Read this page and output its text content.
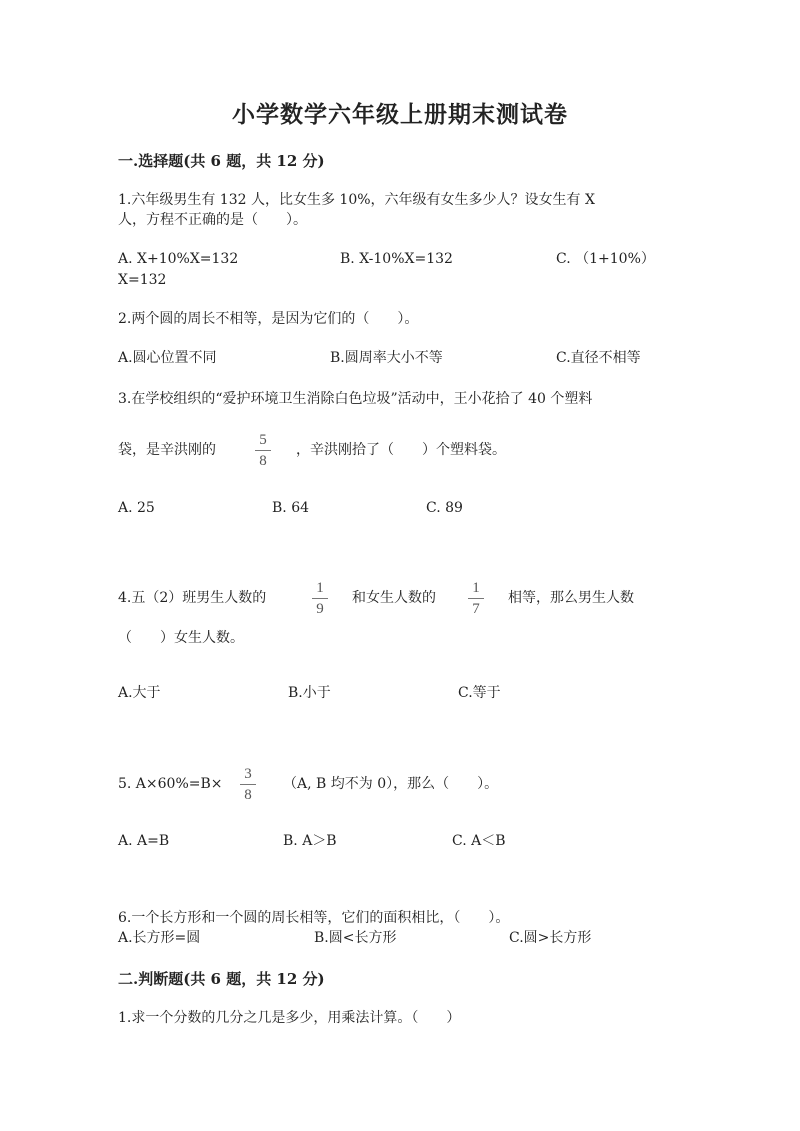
小学数学六年级上册期末测试卷
一.选择题(共 6 题，共 12 分)
1.六年级男生有 132 人，比女生多 10%，六年级有女生多少人？设女生有 X
人，方程不正确的是（　　）。
A. X+10%X=132	B. X-10%X=132	C. （1+10%）
X=132
2.两个圆的周长不相等，是因为它们的（　　）。
A.圆心位置不同	B.圆周率大小不等	C.直径不相等
3.在学校组织的“爱护环境卫生消除白色垃圾”活动中，王小花拾了 40 个塑料
袋，是辛洪刚的
5
8
，辛洪刚拾了（　　）个塑料袋。
A. 25	B. 64	C. 89
4.五（2）班男生人数的
1
9
和女生人数的
1
7
相等，那么男生人数
（　　）女生人数。
A.大于	B.小于	C.等于
5. A×60%=B×
3
8
（A, B 均不为 0），那么（　　）。
A. A=B	B. A＞B	C. A＜B
6.一个长方形和一个圆的周长相等，它们的面积相比，（　　）。
A.长方形=圆	B.圆<长方形	C.圆>长方形
二.判断题(共 6 题，共 12 分)
1.求一个分数的几分之几是多少，用乘法计算。（　　）
